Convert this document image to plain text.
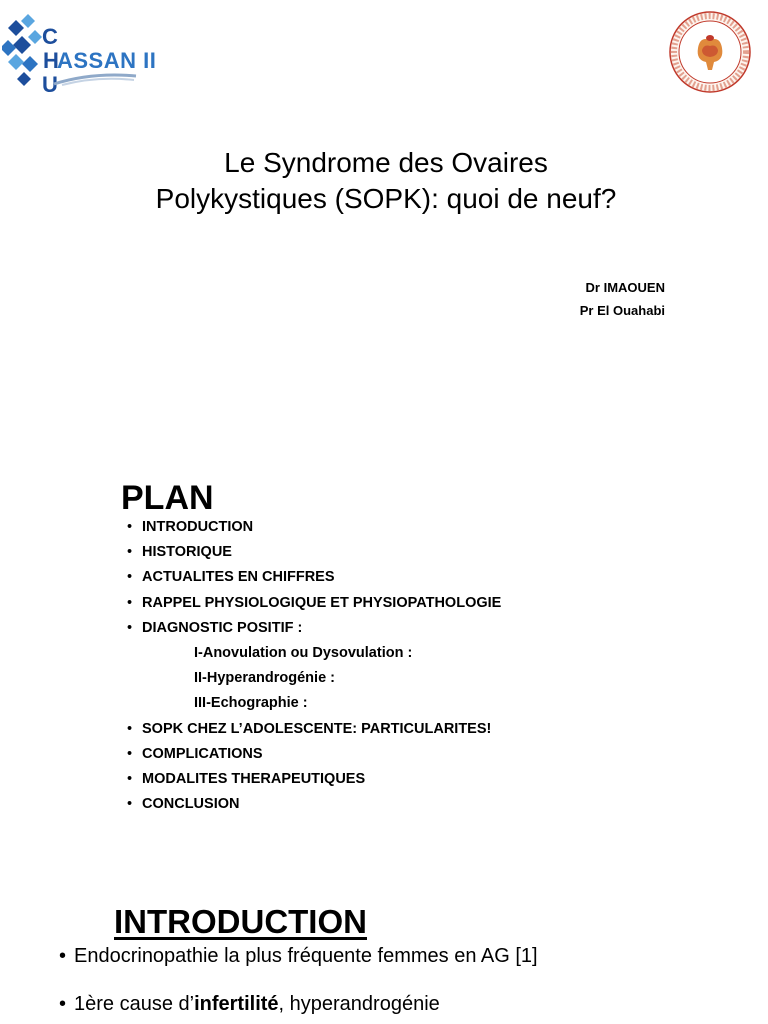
C
H
U
ASSAN II
Le Syndrome des Ovaires
Polykystiques (SOPK): quoi de neuf?
Dr IMAOUEN
Pr El Ouahabi
PLAN
• INTRODUCTION
• HISTORIQUE
• ACTUALITES EN CHIFFRES
• RAPPEL PHYSIOLOGIQUE ET PHYSIOPATHOLOGIE
• DIAGNOSTIC POSITIF :
I-Anovulation ou Dysovulation :
II-Hyperandrogénie :
III-Echographie :
• SOPK CHEZ L’ADOLESCENTE: PARTICULARITES!
• COMPLICATIONS
• MODALITES THERAPEUTIQUES
• CONCLUSION
INTRODUCTION
• Endocrinopathie la plus fréquente femmes en AG [1]
• 1ère cause d’infertilité, hyperandrogénie
